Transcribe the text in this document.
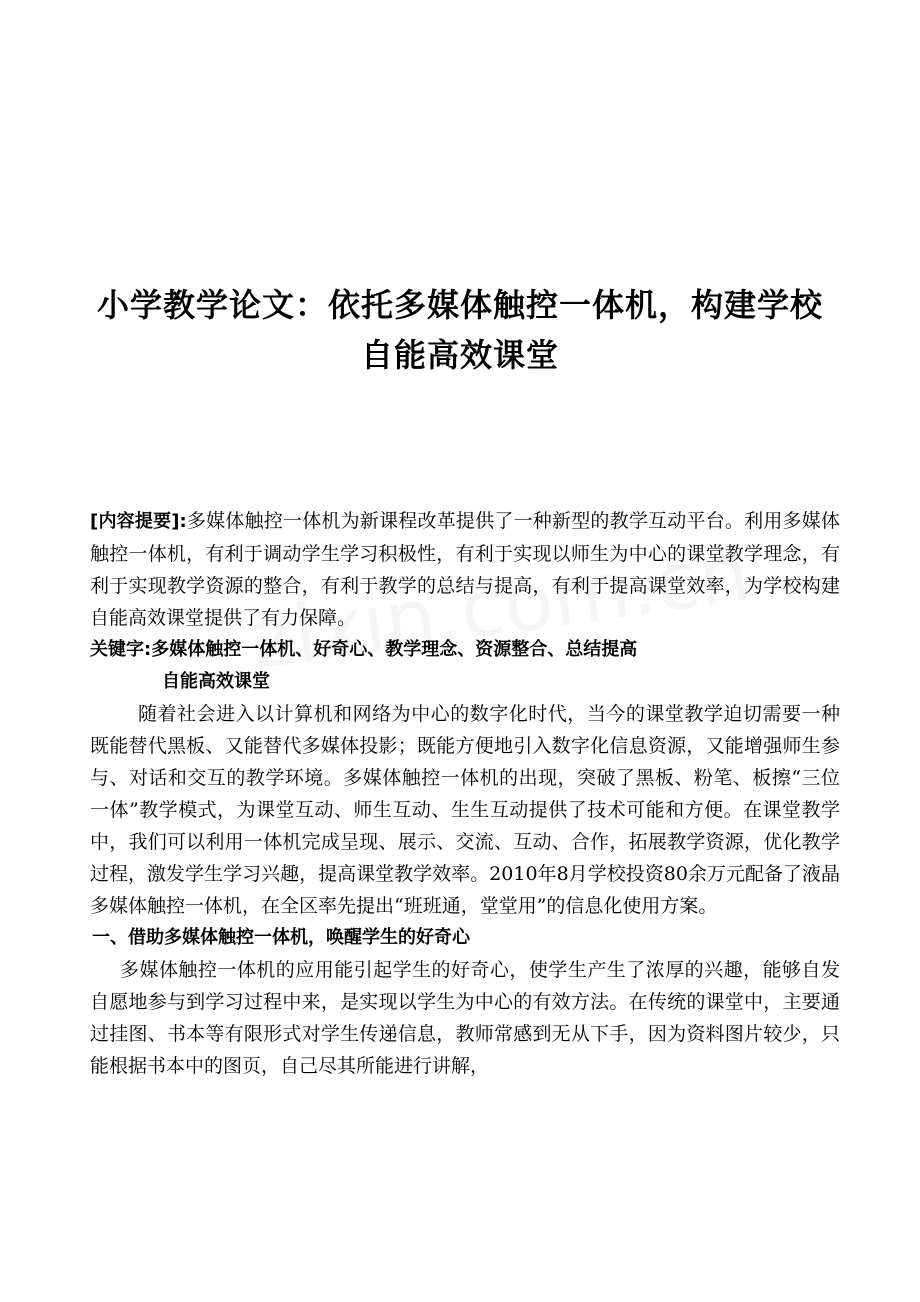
小学教学论文：依托多媒体触控一体机，构建学校
自能高效课堂

[内容提要]:多媒体触控一体机为新课程改革提供了一种新型的教学互动平台。利用多媒体触控一体机，有利于调动学生学习积极性，有利于实现以师生为中心的课堂教学理念，有利于实现教学资源的整合，有利于教学的总结与提高，有利于提高课堂效率，为学校构建自能高效课堂提供了有力保障。

关键字:多媒体触控一体机、好奇心、教学理念、资源整合、总结提高

自能高效课堂

随着社会进入以计算机和网络为中心的数字化时代，当今的课堂教学迫切需要一种既能替代黑板、又能替代多媒体投影；既能方便地引入数字化信息资源，又能增强师生参与、对话和交互的教学环境。多媒体触控一体机的出现，突破了黑板、粉笔、板擦“三位一体”教学模式，为课堂互动、师生互动、生生互动提供了技术可能和方便。在课堂教学中，我们可以利用一体机完成呈现、展示、交流、互动、合作，拓展教学资源，优化教学过程，激发学生学习兴趣，提高课堂教学效率。2010年8月学校投资80余万元配备了液晶多媒体触控一体机，在全区率先提出“班班通，堂堂用”的信息化使用方案。

一、借助多媒体触控一体机，唤醒学生的好奇心

多媒体触控一体机的应用能引起学生的好奇心，使学生产生了浓厚的兴趣，能够自发自愿地参与到学习过程中来，是实现以学生为中心的有效方法。在传统的课堂中，主要通过挂图、书本等有限形式对学生传递信息，教师常感到无从下手，因为资料图片较少，只能根据书本中的图页，自己尽其所能进行讲解，
